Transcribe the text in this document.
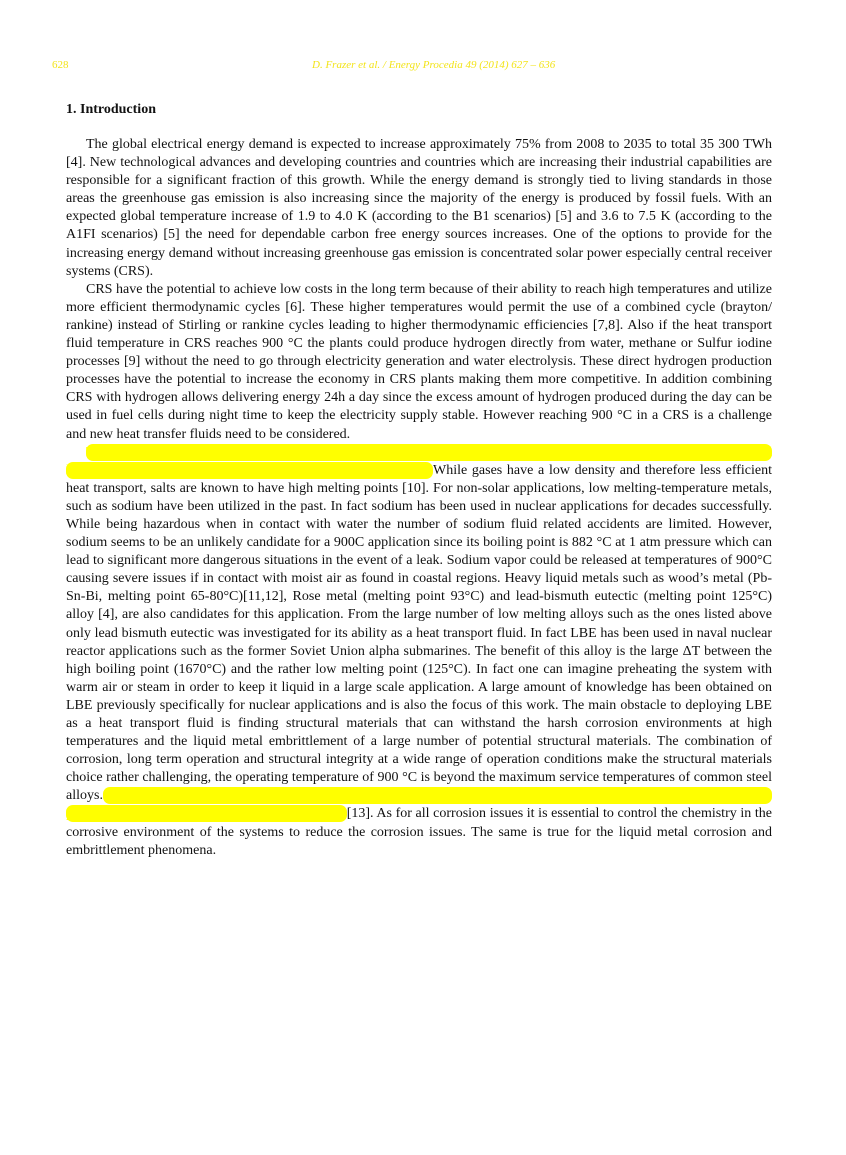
628	D. Frazer et al. / Energy Procedia 49 (2014) 627 – 636
1. Introduction

The global electrical energy demand is expected to increase approximately 75% from 2008 to 2035 to total 35 300 TWh [4]. New technological advances and developing countries and countries which are increasing their industrial capabilities are responsible for a significant fraction of this growth. While the energy demand is strongly tied to living standards in those areas the greenhouse gas emission is also increasing since the majority of the energy is produced by fossil fuels. With an expected global temperature increase of 1.9 to 4.0 K (according to the B1 scenarios) [5] and 3.6 to 7.5 K (according to the A1FI scenarios) [5] the need for dependable carbon free energy sources increases. One of the options to provide for the increasing energy demand without increasing greenhouse gas emission is concentrated solar power especially central receiver systems (CRS).

CRS have the potential to achieve low costs in the long term because of their ability to reach high temperatures and utilize more efficient thermodynamic cycles [6]. These higher temperatures would permit the use of a combined cycle (brayton/ rankine) instead of Stirling or rankine cycles leading to higher thermodynamic efficiencies [7,8]. Also if the heat transport fluid temperature in CRS reaches 900 °C the plants could produce hydrogen directly from water, methane or Sulfur iodine processes [9] without the need to go through electricity generation and water electrolysis. These direct hydrogen production processes have the potential to increase the economy in CRS plants making them more competitive. In addition combining CRS with hydrogen allows delivering energy 24h a day since the excess amount of hydrogen produced during the day can be used in fuel cells during night time to keep the electricity supply stable. However reaching 900 °C in a CRS is a challenge and new heat transfer fluids need to be considered.

To reach such temperatures several types of heat transport fluids are being considered, including gases, molten salts and liquid metals, each with its own advantages and disadvantages. While gases have a low density and therefore less efficient heat transport, salts are known to have high melting points [10]. For non-solar applications, low melting-temperature metals, such as sodium have been utilized in the past. In fact sodium has been used in nuclear applications for decades successfully. While being hazardous when in contact with water the number of sodium fluid related accidents are limited. However, sodium seems to be an unlikely candidate for a 900C application since its boiling point is 882 °C at 1 atm pressure which can lead to significant more dangerous situations in the event of a leak. Sodium vapor could be released at temperatures of 900°C causing severe issues if in contact with moist air as found in coastal regions. Heavy liquid metals such as wood’s metal (Pb-Sn-Bi, melting point 65-80°C)[11,12], Rose metal (melting point 93°C) and lead-bismuth eutectic (melting point 125°C) alloy [4], are also candidates for this application. From the large number of low melting alloys such as the ones listed above only lead bismuth eutectic was investigated for its ability as a heat transport fluid. In fact LBE has been used in naval nuclear reactor applications such as the former Soviet Union alpha submarines. The benefit of this alloy is the large ΔT between the high boiling point (1670°C) and the rather low melting point (125°C). In fact one can imagine preheating the system with warm air or steam in order to keep it liquid in a large scale application. A large amount of knowledge has been obtained on LBE previously specifically for nuclear applications and is also the focus of this work. The main obstacle to deploying LBE as a heat transport fluid is finding structural materials that can withstand the harsh corrosion environments at high temperatures and the liquid metal embrittlement of a large number of potential structural materials. The combination of corrosion, long term operation and structural integrity at a wide range of operation conditions make the structural materials choice rather challenging, the operating temperature of 900 °C is beyond the maximum service temperatures of common steel alloys. Therefore, high temperature alloys such as nickel based superalloys and refractory metals are being evaluated for this purpose including their behaviour in liquid metals[13]. As for all corrosion issues it is essential to control the chemistry in the corrosive environment of the systems to reduce the corrosion issues. The same is true for the liquid metal corrosion and embrittlement phenomena.
